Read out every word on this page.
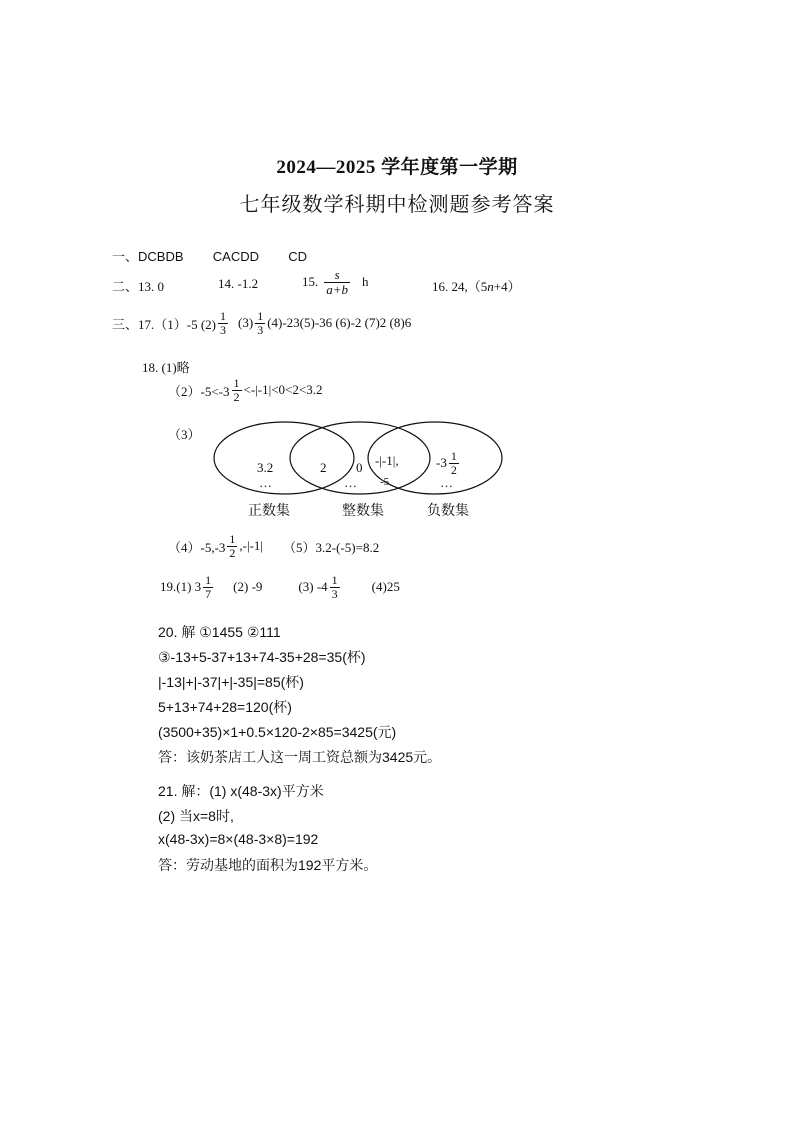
2024—2025 学年度第一学期
七年级数学科期中检测题参考答案
一、DCBDB CACDD CD
二、13. 0	14. -1.2	15. $\frac{s}{a+b}$ h	16. 24,（5n+4）
三、 17.（1）-5 $(2) \frac{1}{3} (3) \frac{1}{3} (4)-23(5)-36$ (6)-2 (7)2 (8)6
18. (1)略
$(2)-5<-3 \frac{1}{2} <-|-1|<0<2<3.2$
（3）
3.2
…
2 0
…
-|-1|,
-5
$-3 \frac{1}{2}$
…
正数集	整数集	负数集
$(4)-5,-3 \frac{1}{2} ,-|-1|$ （5）3.2-(-5)=8.2
19.(1) $3 \frac{1}{7} (2)$ -9	(3) $-4 \frac{1}{3} (4)25$
20. 解 ①1455 ②111
③-13+5-37+13+74-35+28=35(杯)
|-13|+|-37|+|-35|=85(杯)
5+13+74+28=120(杯)
(3500+35)×1+0.5×120-2×85=3425(元)
答：该奶茶店工人这一周工资总额为3425元。
21. 解：(1) x(48-3x)平方米
(2) 当x=8时,
x(48-3x)=8×(48-3×8)=192
答：劳动基地的面积为192平方米。
